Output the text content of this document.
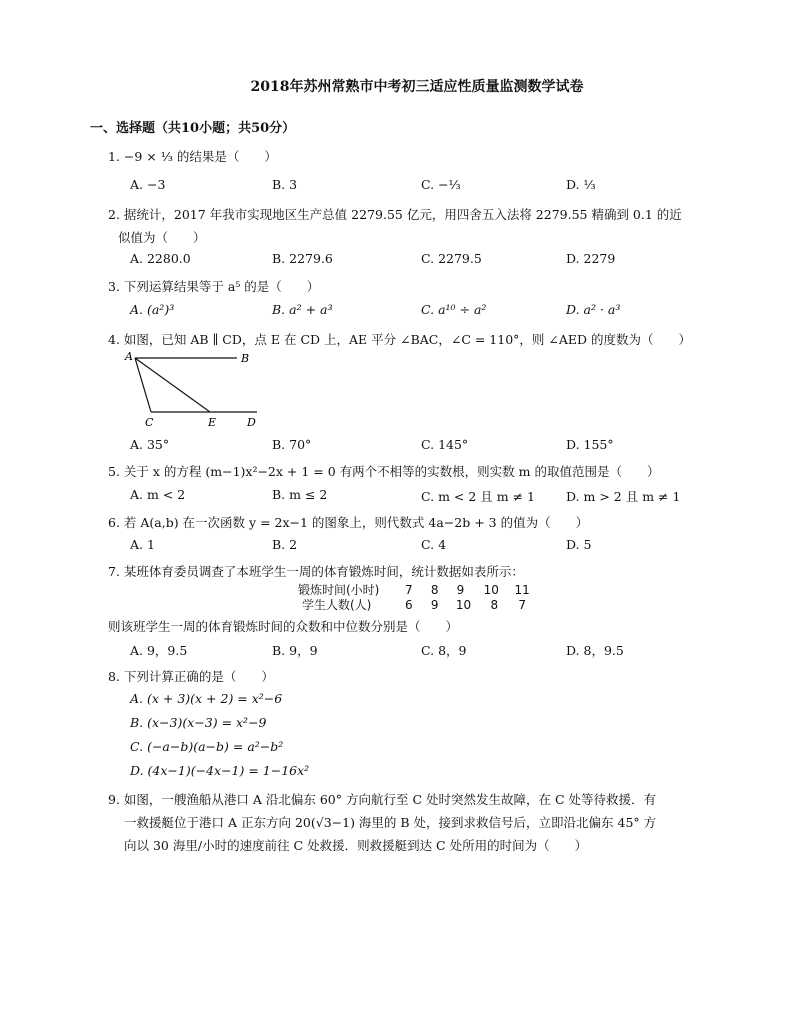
2018年苏州常熟市中考初三适应性质量监测数学试卷
一、选择题（共10小题；共50分）
1. −9 × ⅓ 的结果是（　　）
A. −3	B. 3	C. −⅓	D. ⅓
2. 据统计，2017 年我市实现地区生产总值 2279.55 亿元，用四舍五入法将 2279.55 精确到 0.1 的近
似值为（　　）
A. 2280.0	B. 2279.6	C. 2279.5	D. 2279
3. 下列运算结果等于 a⁵ 的是（　　）
A. (a²)³	B. a² + a³	C. a¹⁰ ÷ a²	D. a² · a³
4. 如图，已知 AB ∥ CD，点 E 在 CD 上，AE 平分 ∠BAC，∠C = 110°，则 ∠AED 的度数为（　　）
A	B
C	E	D
A. 35°	B. 70°	C. 145°	D. 155°
5. 关于 x 的方程 (m−1)x²−2x + 1 = 0 有两个不相等的实数根，则实数 m 的取值范围是（　　）
A. m < 2	B. m ≤ 2	C. m < 2 且 m ≠ 1 D. m > 2 且 m ≠ 1
6. 若 A(a,b) 在一次函数 y = 2x−1 的图象上，则代数式 4a−2b + 3 的值为（　　）
A. 1	B. 2	C. 4	D. 5
7. 某班体育委员调查了本班学生一周的体育锻炼时间，统计数据如表所示：
锻炼时间(小时) 7 8 9 10 11
学生人数(人)	6 9 10 8 7
则该班学生一周的体育锻炼时间的众数和中位数分别是（　　）
A. 9，9.5	B. 9，9	C. 8，9	D. 8，9.5
8. 下列计算正确的是（　　）
A. (x + 3)(x + 2) = x²−6
B. (x−3)(x−3) = x²−9
C. (−a−b)(a−b) = a²−b²
D. (4x−1)(−4x−1) = 1−16x²
9. 如图，一艘渔船从港口 A 沿北偏东 60° 方向航行至 C 处时突然发生故障，在 C 处等待救援．有
一救援艇位于港口 A 正东方向 20(√3−1) 海里的 B 处，接到求救信号后，立即沿北偏东 45° 方
向以 30 海里/小时的速度前往 C 处救援．则救援艇到达 C 处所用的时间为（　　）
